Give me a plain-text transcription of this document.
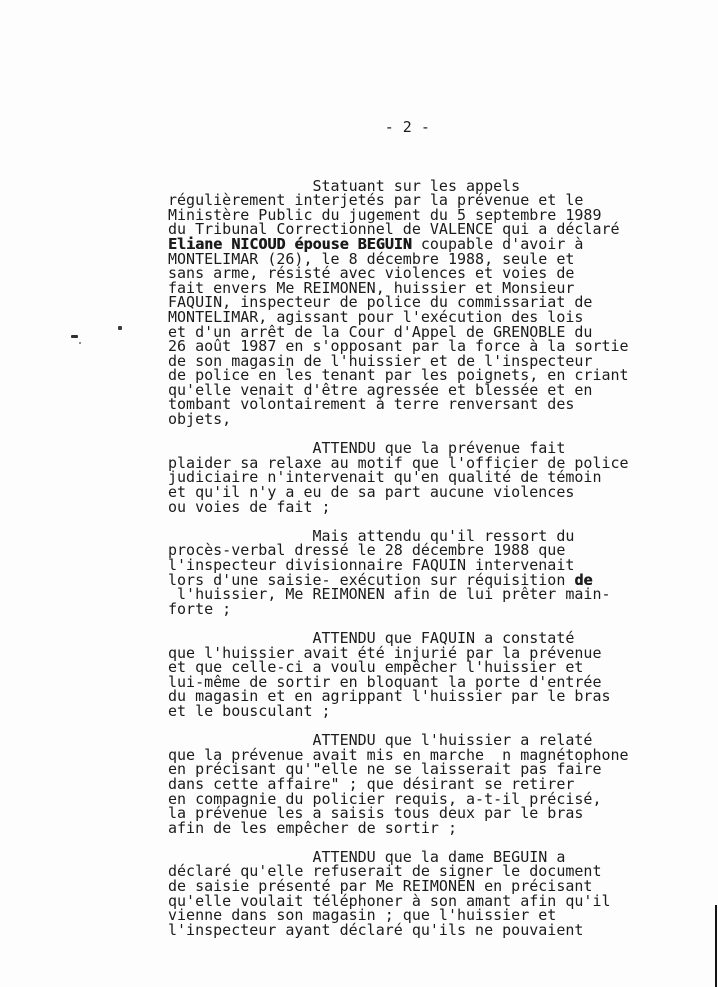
- 2 -

Statuant sur les appels
régulièrement interjetés par la prévenue et le
Ministère Public du jugement du 5 septembre 1989
du Tribunal Correctionnel de VALENCE qui a déclaré
Eliane NICOUD épouse BEGUIN coupable d'avoir à
MONTELIMAR (26), le 8 décembre 1988, seule et
sans arme, résisté avec violences et voies de
fait envers Me REIMONEN, huissier et Monsieur
FAQUIN, inspecteur de police du commissariat de
MONTELIMAR, agissant pour l'exécution des lois
et d'un arrêt de la Cour d'Appel de GRENOBLE du
26 août 1987 en s'opposant par la force à la sortie
de son magasin de l'huissier et de l'inspecteur
de police en les tenant par les poignets, en criant
qu'elle venait d'être agressée et blessée et en
tombant volontairement à terre renversant des
objets,
ATTENDU que la prévenue fait
plaider sa relaxe au motif que l'officier de police
judiciaire n'intervenait qu'en qualité de témoin
et qu'il n'y a eu de sa part aucune violences
ou voies de fait ;
Mais attendu qu'il ressort du
procès-verbal dressé le 28 décembre 1988 que
l'inspecteur divisionnaire FAQUIN intervenait
lors d'une saisie- exécution sur réquisition de
l'huissier, Me REIMONEN afin de lui prêter main-
forte ;
ATTENDU que FAQUIN a constaté
que l'huissier avait été injurié par la prévenue
et que celle-ci a voulu empêcher l'huissier et
lui-même de sortir en bloquant la porte d'entrée
du magasin et en agrippant l'huissier par le bras
et le bousculant ;
ATTENDU que l'huissier a relaté
que la prévenue avait mis en marche  n magnétophone
en précisant qu'"elle ne se laisserait pas faire
dans cette affaire" ; que désirant se retirer
en compagnie du policier requis, a-t-il précisé,
la prévenue les a saisis tous deux par le bras
afin de les empêcher de sortir ;
ATTENDU que la dame BEGUIN a
déclaré qu'elle refuserait de signer le document
de saisie présenté par Me REIMONEN en précisant
qu'elle voulait téléphoner à son amant afin qu'il
vienne dans son magasin ; que l'huissier et
l'inspecteur ayant déclaré qu'ils ne pouvaient
